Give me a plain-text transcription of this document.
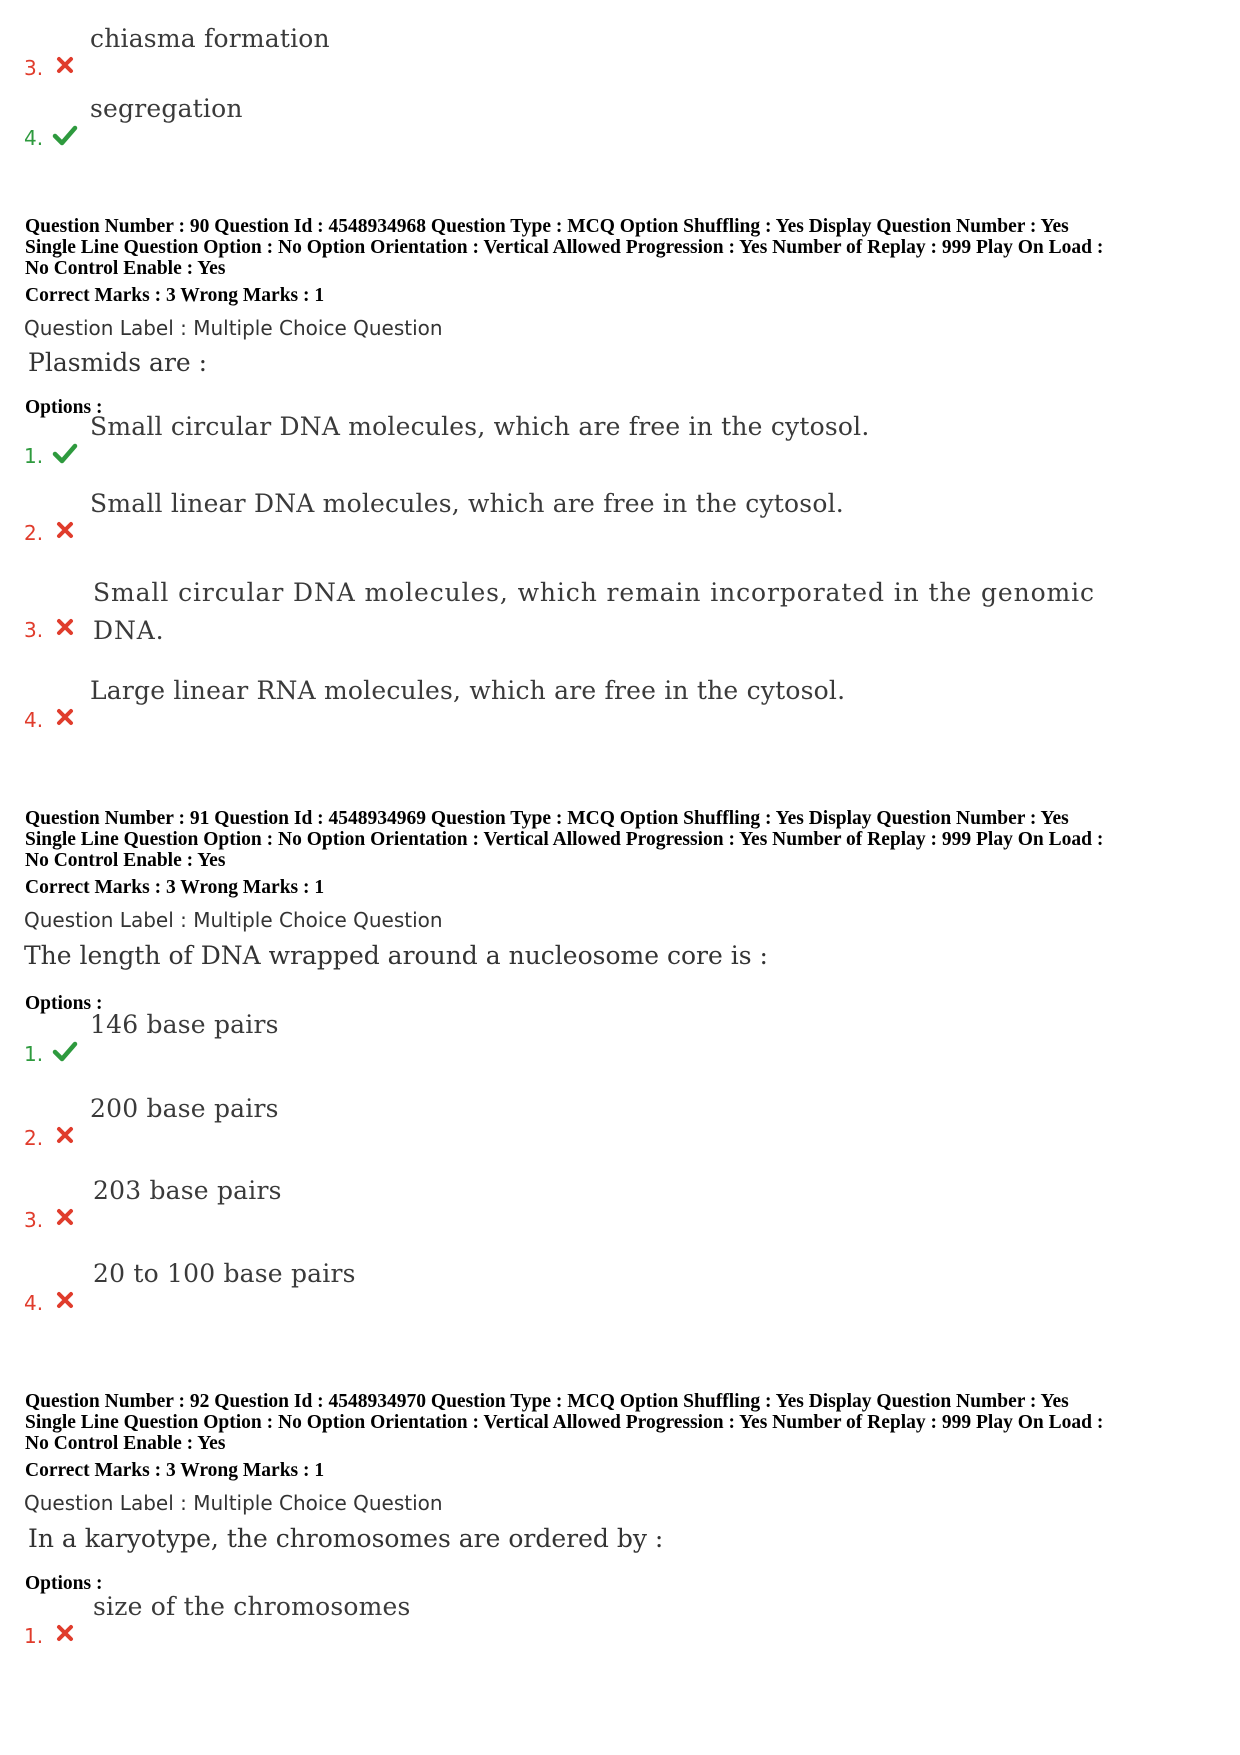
3.
chiasma formation
4.
segregation

Question Number : 90 Question Id : 4548934968 Question Type : MCQ Option Shuffling : Yes Display Question Number : Yes
Single Line Question Option : No Option Orientation : Vertical Allowed Progression : Yes Number of Replay : 999 Play On Load :
No Control Enable : Yes

Correct Marks : 3 Wrong Marks : 1
Question Label : Multiple Choice Question
Plasmids are :
Options :
1.
Small circular DNA molecules, which are free in the cytosol.
2.
Small linear DNA molecules, which are free in the cytosol.
3.
Small circular DNA molecules, which remain incorporated in the genomic
DNA.
4.
Large linear RNA molecules, which are free in the cytosol.

Question Number : 91 Question Id : 4548934969 Question Type : MCQ Option Shuffling : Yes Display Question Number : Yes
Single Line Question Option : No Option Orientation : Vertical Allowed Progression : Yes Number of Replay : 999 Play On Load :
No Control Enable : Yes

Correct Marks : 3 Wrong Marks : 1
Question Label : Multiple Choice Question
The length of DNA wrapped around a nucleosome core is :
Options :
1.
146 base pairs
2.
200 base pairs
3.
203 base pairs
4.
20 to 100 base pairs

Question Number : 92 Question Id : 4548934970 Question Type : MCQ Option Shuffling : Yes Display Question Number : Yes
Single Line Question Option : No Option Orientation : Vertical Allowed Progression : Yes Number of Replay : 999 Play On Load :
No Control Enable : Yes

Correct Marks : 3 Wrong Marks : 1
Question Label : Multiple Choice Question
In a karyotype, the chromosomes are ordered by :
Options :
1.
size of the chromosomes
